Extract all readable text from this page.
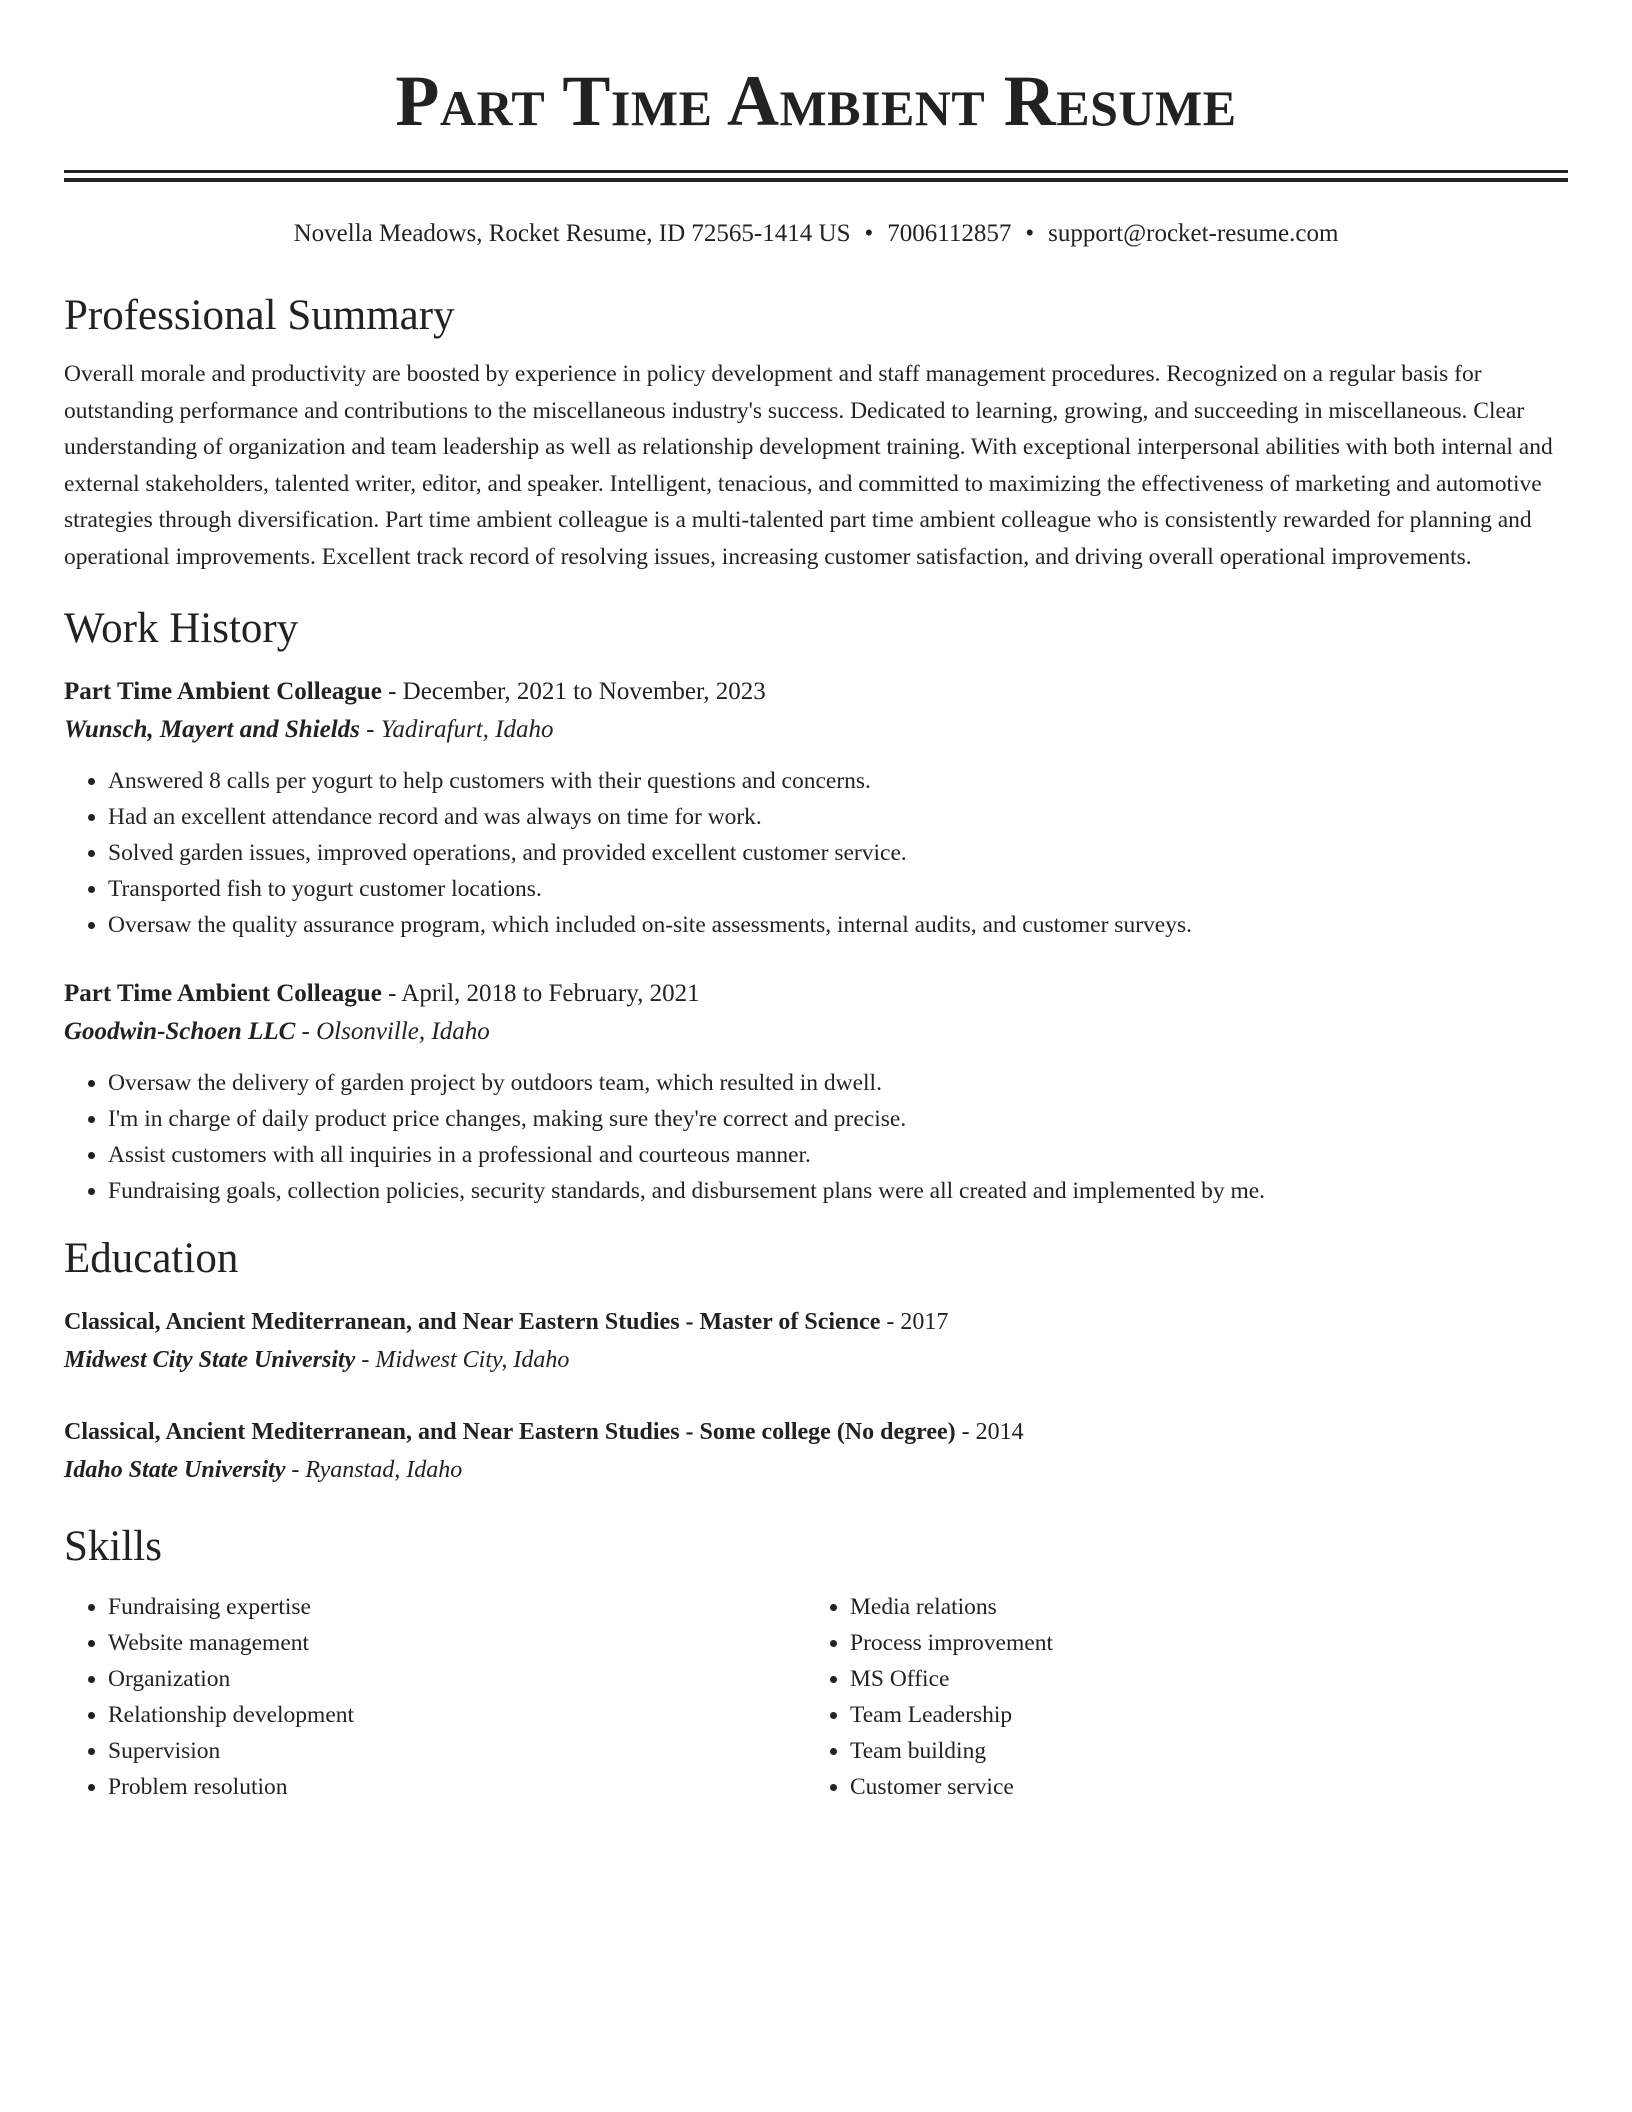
Part Time Ambient Resume
Novella Meadows, Rocket Resume, ID 72565-1414 US • 7006112857 • support@rocket-resume.com
Professional Summary

Overall morale and productivity are boosted by experience in policy development and staff management procedures. Recognized on a regular basis for outstanding performance and contributions to the miscellaneous industry's success. Dedicated to learning, growing, and succeeding in miscellaneous. Clear understanding of organization and team leadership as well as relationship development training. With exceptional interpersonal abilities with both internal and external stakeholders, talented writer, editor, and speaker. Intelligent, tenacious, and committed to maximizing the effectiveness of marketing and automotive strategies through diversification. Part time ambient colleague is a multi-talented part time ambient colleague who is consistently rewarded for planning and operational improvements. Excellent track record of resolving issues, increasing customer satisfaction, and driving overall operational improvements.

Work History
Part Time Ambient Colleague - December, 2021 to November, 2023
Wunsch, Mayert and Shields - Yadirafurt, Idaho
• Answered 8 calls per yogurt to help customers with their questions and concerns.
• Had an excellent attendance record and was always on time for work.
• Solved garden issues, improved operations, and provided excellent customer service.
• Transported fish to yogurt customer locations.
• Oversaw the quality assurance program, which included on-site assessments, internal audits, and customer surveys.
Part Time Ambient Colleague - April, 2018 to February, 2021
Goodwin-Schoen LLC - Olsonville, Idaho
• Oversaw the delivery of garden project by outdoors team, which resulted in dwell.
• I'm in charge of daily product price changes, making sure they're correct and precise.
• Assist customers with all inquiries in a professional and courteous manner.
• Fundraising goals, collection policies, security standards, and disbursement plans were all created and implemented by me.
Education
Classical, Ancient Mediterranean, and Near Eastern Studies - Master of Science - 2017
Midwest City State University - Midwest City, Idaho
Classical, Ancient Mediterranean, and Near Eastern Studies - Some college (No degree) - 2014
Idaho State University - Ryanstad, Idaho
Skills
• Fundraising expertise
• Website management
• Organization
• Relationship development
• Supervision
• Problem resolution
• Media relations
• Process improvement
• MS Office
• Team Leadership
• Team building
• Customer service
